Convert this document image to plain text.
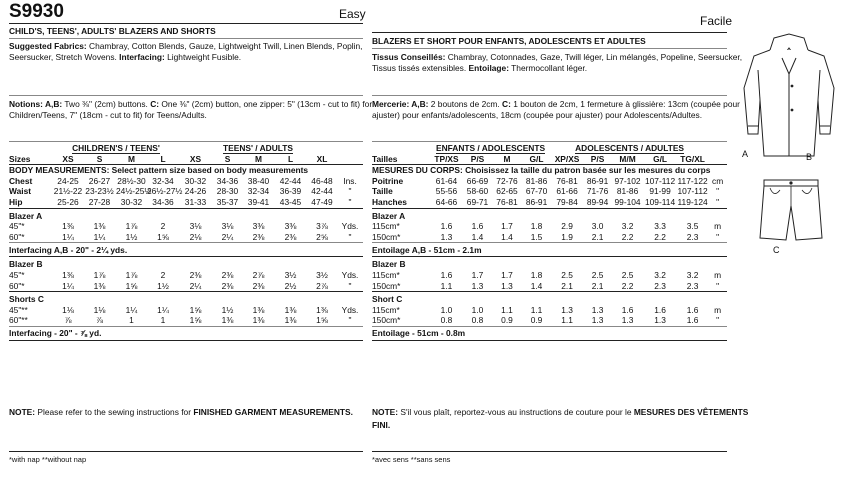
S9930	Easy
CHILD'S, TEENS', ADULTS' BLAZERS AND SHORTS
Suggested Fabrics: Chambray, Cotton Blends, Gauze, Lightweight Twill, Linen Blends, Poplin,
Seersucker, Stretch Wovens. Interfacing: Lightweight Fusible.
Notions: A,B: Two ⅜" (2cm) buttons. C: One ⅜" (2cm) button, one zipper: 5" (13cm - cut to fit) for
Children/Teens, 7" (18cm - cut to fit) for Teens/Adults.
	CHILDREN'S / TEENS'				TEENS' / ADULTS					
Sizes	XS	S	M	L	XS	S	M	L	XL	
BODY MEASUREMENTS: Select pattern size based on body measurements										
Chest	24-25	26-27	28½-30	32-34	30-32	34-36	38-40	42-44	46-48	Ins.
Waist	21½-22	23-23½	24½-25½	26½-27½	24-26	28-30	32-34	36-39	42-44	"
Hip	25-26	27-28	30-32	34-36	31-33	35-37	39-41	43-45	47-49	"
Blazer A										
45"*	1⅜	1⅜	1⅞	2	3⅛	3⅛	3⅜	3⅜	3⅞	Yds.
60"*	1¼	1¼	1½	1⅝	2⅛	2¼	2⅜	2⅜	2⅝	"
Interfacing A,B - 20" - 2¼ yds.										
Blazer B										
45"*	1⅜	1⅞	1⅞	2	2⅜	2⅜	2⅞	3½	3½	Yds.
60"*	1¼	1⅜	1⅝	1½	2¼	2⅜	2⅜	2½	2⅞	"
Shorts C										
45"**	1⅛	1⅛	1¼	1¼	1⅝	1½	1⅜	1⅜	1⅜	Yds.
60"**	⅞	⅞	1	1	1⅝	1⅜	1⅜	1⅜	1⅝	"
Interfacing - 20" - ⅞ yd.										
NOTE: Please refer to the sewing instructions for FINISHED GARMENT MEASUREMENTS.
*with nap **without nap
Facile
BLAZERS ET SHORT POUR ENFANTS, ADOLESCENTS ET ADULTES
Tissus Conseillés: Chambray, Cotonnades, Gaze, Twill léger, Lin mélangés, Popeline, Seersucker,
Tissus tissés extensibles. Entoilage: Thermocollant léger.
Mercerie: A,B: 2 boutons de 2cm. C: 1 bouton de 2cm, 1 fermeture à glissière: 13cm (coupée pour
ajuster) pour enfants/adolescents, 18cm (coupée pour ajuster) pour Adolescents/Adultes.
	ENFANTS / ADOLESCENTS				ADOLESCENTS / ADULTES					
Tailles	TP/XS	P/S	M	G/L	XP/XS	P/S	M/M	G/L	TG/XL	
MESURES DU CORPS: Choisissez la taille du patron basée sur les mesures du corps										
Poitrine	61-64	66-69	72-76	81-86	76-81	86-91	97-102	107-112	117-122	cm
Taille	55-56	58-60	62-65	67-70	61-66	71-76	81-86	91-99	107-112	"
Hanches	64-66	69-71	76-81	86-91	79-84	89-94	99-104	109-114	119-124	"
Blazer A										
115cm*	1.6	1.6	1.7	1.8	2.9	3.0	3.2	3.3	3.5	m
150cm*	1.3	1.4	1.4	1.5	1.9	2.1	2.2	2.2	2.3	"
Entoilage A,B - 51cm - 2.1m										
Blazer B										
115cm*	1.6	1.7	1.7	1.8	2.5	2.5	2.5	3.2	3.2	m
150cm*	1.1	1.3	1.3	1.4	2.1	2.1	2.2	2.3	2.3	"
Short C										
115cm*	1.0	1.0	1.1	1.1	1.3	1.3	1.6	1.6	1.6	m
150cm*	0.8	0.8	0.9	0.9	1.1	1.3	1.3	1.3	1.6	"
Entoilage - 51cm - 0.8m										
NOTE: S'il vous plaît, reportez-vous au instructions de couture pour le MESURES DES VÊTEMENTS
FINI.
*avec sens **sans sens
A	B
C
